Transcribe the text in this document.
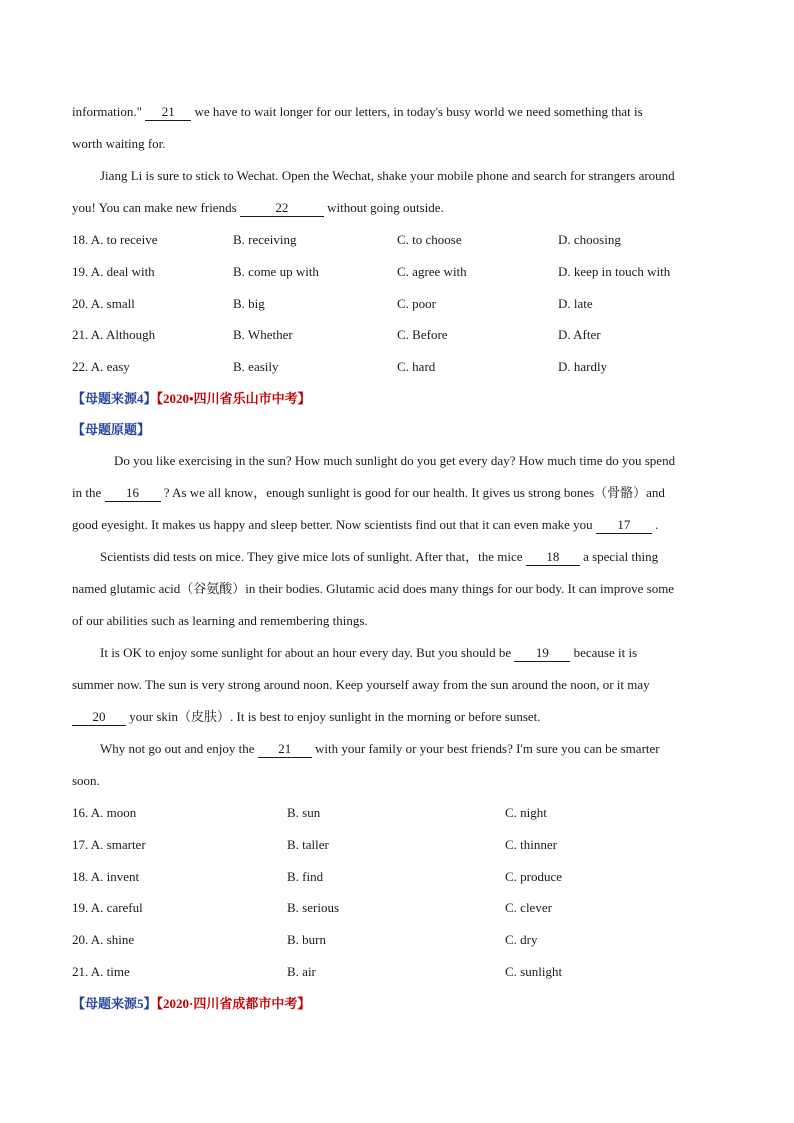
information." 21 we have to wait longer for our letters, in today's busy world we need something that is
worth waiting for.
Jiang Li is sure to stick to Wechat. Open the Wechat, shake your mobile phone and search for strangers around
you! You can make new friends	22	without going outside.
18. A. to receive	B. receiving	C. to choose	D. choosing
19. A. deal with	B. come up with	C. agree with	D. keep in touch with
20. A. small	B. big	C. poor	D. late
21. A. Although	B. Whether	C. Before	D. After
22. A. easy	B. easily	C. hard	D. hardly
【母题来源4】【2020•四川省乐山市中考】
【母题原题】
Do you like exercising in the sun? How much sunlight do you get every day? How much time do you spend
in the 16 ? As we all know，enough sunlight is good for our health. It gives us strong bones（骨骼）and
good eyesight. It makes us happy and sleep better. Now scientists find out that it can even make you 17 .
Scientists did tests on mice. They give mice lots of sunlight. After that，the mice 18 a special thing
named glutamic acid（谷氨酸）in their bodies. Glutamic acid does many things for our body. It can improve some
of our abilities such as learning and remembering things.
It is OK to enjoy some sunlight for about an hour every day. But you should be 19 because it is
summer now. The sun is very strong around noon. Keep yourself away from the sun around the noon, or it may
20 your skin（皮肤）. It is best to enjoy sunlight in the morning or before sunset.
Why not go out and enjoy the 21 with your family or your best friends? I'm sure you can be smarter
soon.
16. A. moon	B. sun	C. night
17. A. smarter	B. taller	C. thinner
18. A. invent	B. find	C. produce
19. A. careful	B. serious	C. clever
20. A. shine	B. burn	C. dry
21. A. time	B. air	C. sunlight
【母题来源5】【2020·四川省成都市中考】
